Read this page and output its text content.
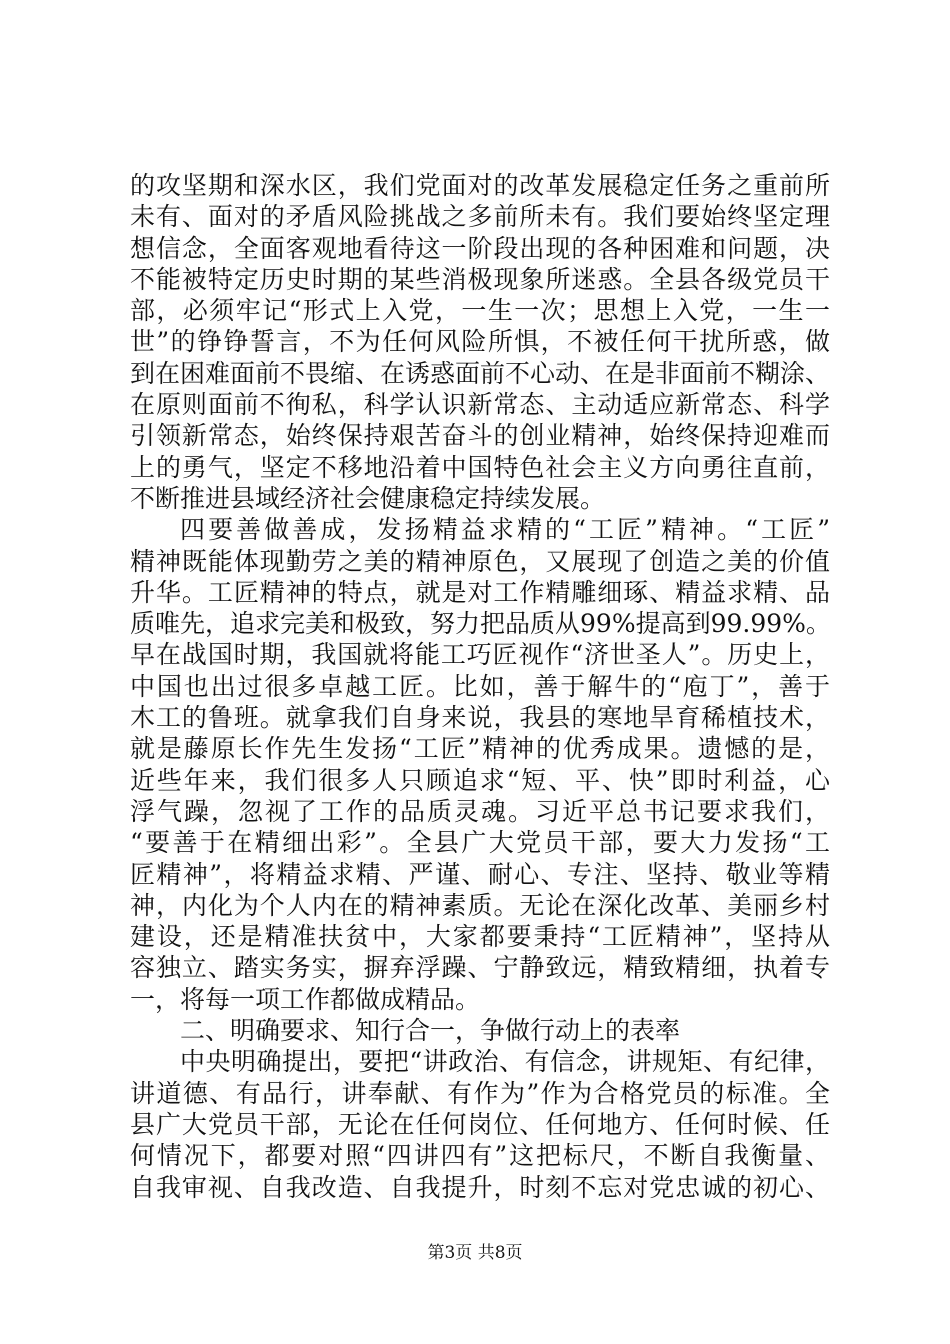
的攻坚期和深水区，我们党面对的改革发展稳定任务之重前所
未有、面对的矛盾风险挑战之多前所未有。我们要始终坚定理
想信念，全面客观地看待这一阶段出现的各种困难和问题，决
不能被特定历史时期的某些消极现象所迷惑。全县各级党员干
部，必须牢记“形式上入党，一生一次；思想上入党，一生一
世”的铮铮誓言，不为任何风险所惧，不被任何干扰所惑，做
到在困难面前不畏缩、在诱惑面前不心动、在是非面前不糊涂、
在原则面前不徇私，科学认识新常态、主动适应新常态、科学
引领新常态，始终保持艰苦奋斗的创业精神，始终保持迎难而
上的勇气，坚定不移地沿着中国特色社会主义方向勇往直前，
不断推进县域经济社会健康稳定持续发展。
四要善做善成，发扬精益求精的“工匠”精神。“工匠”
精神既能体现勤劳之美的精神原色，又展现了创造之美的价值
升华。工匠精神的特点，就是对工作精雕细琢、精益求精、品
质唯先，追求完美和极致，努力把品质从99%提高到99.99%。
早在战国时期，我国就将能工巧匠视作“济世圣人”。历史上，
中国也出过很多卓越工匠。比如，善于解牛的“庖丁”，善于
木工的鲁班。就拿我们自身来说，我县的寒地旱育稀植技术，
就是藤原长作先生发扬“工匠”精神的优秀成果。遗憾的是，
近些年来，我们很多人只顾追求“短、平、快”即时利益，心
浮气躁，忽视了工作的品质灵魂。习近平总书记要求我们，
“要善于在精细出彩”。全县广大党员干部，要大力发扬“工
匠精神”，将精益求精、严谨、耐心、专注、坚持、敬业等精
神，内化为个人内在的精神素质。无论在深化改革、美丽乡村
建设，还是精准扶贫中，大家都要秉持“工匠精神”，坚持从
容独立、踏实务实，摒弃浮躁、宁静致远，精致精细，执着专
一，将每一项工作都做成精品。
二、明确要求、知行合一，争做行动上的表率
中央明确提出，要把“讲政治、有信念，讲规矩、有纪律，
讲道德、有品行，讲奉献、有作为”作为合格党员的标准。全
县广大党员干部，无论在任何岗位、任何地方、任何时候、任
何情况下，都要对照“四讲四有”这把标尺，不断自我衡量、
自我审视、自我改造、自我提升，时刻不忘对党忠诚的初心、
第3页 共8页
